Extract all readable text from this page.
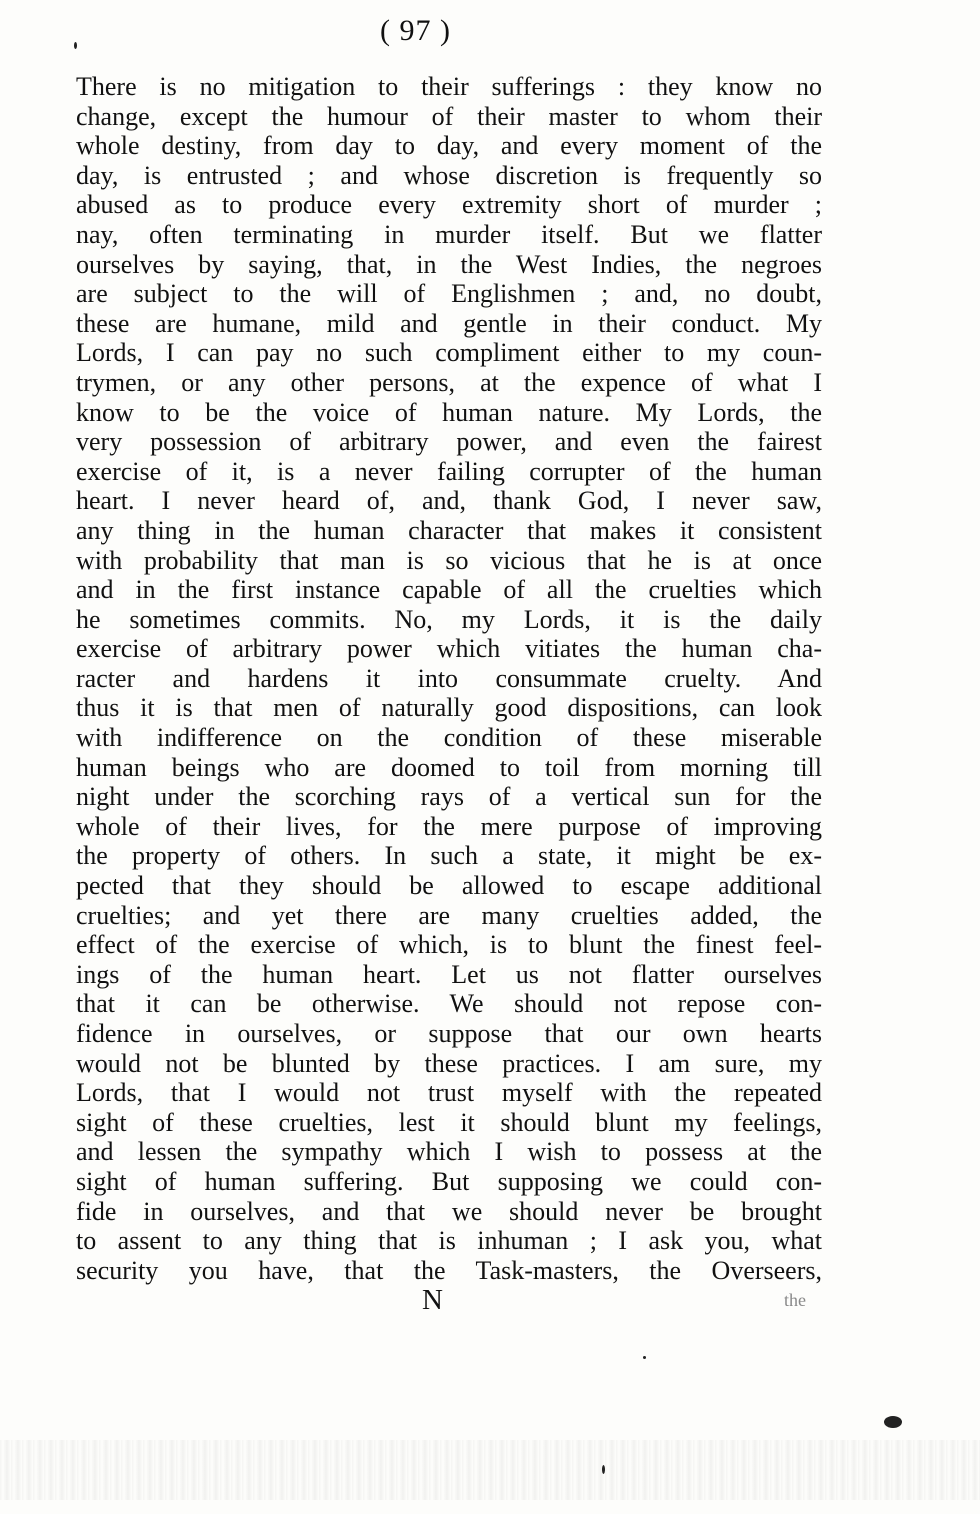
( 97 )
There is no mitigation to their sufferings : they know no
change, except the humour of their master to whom their
whole destiny, from day to day, and every moment of the
day, is entrusted ; and whose discretion is frequently so
abused as to produce every extremity short of murder ;
nay, often terminating in murder itself. But we flatter
ourselves by saying, that, in the West Indies, the negroes
are subject to the will of Englishmen ; and, no doubt,
these are humane, mild and gentle in their conduct. My
Lords, I can pay no such compliment either to my coun-
trymen, or any other persons, at the expence of what I
know to be the voice of human nature. My Lords, the
very possession of arbitrary power, and even the fairest
exercise of it, is a never failing corrupter of the human
heart. I never heard of, and, thank God, I never saw,
any thing in the human character that makes it consistent
with probability that man is so vicious that he is at once
and in the first instance capable of all the cruelties which
he sometimes commits. No, my Lords, it is the daily
exercise of arbitrary power which vitiates the human cha-
racter and hardens it into consummate cruelty. And
thus it is that men of naturally good dispositions, can look
with indifference on the condition of these miserable
human beings who are doomed to toil from morning till
night under the scorching rays of a vertical sun for the
whole of their lives, for the mere purpose of improving
the property of others. In such a state, it might be ex-
pected that they should be allowed to escape additional
cruelties; and yet there are many cruelties added, the
effect of the exercise of which, is to blunt the finest feel-
ings of the human heart. Let us not flatter ourselves
that it can be otherwise. We should not repose con-
fidence in ourselves, or suppose that our own hearts
would not be blunted by these practices. I am sure, my
Lords, that I would not trust myself with the repeated
sight of these cruelties, lest it should blunt my feelings,
and lessen the sympathy which I wish to possess at the
sight of human suffering. But supposing we could con-
fide in ourselves, and that we should never be brought
to assent to any thing that is inhuman ; I ask you, what
security you have, that the Task-masters, the Overseers,
N	the
